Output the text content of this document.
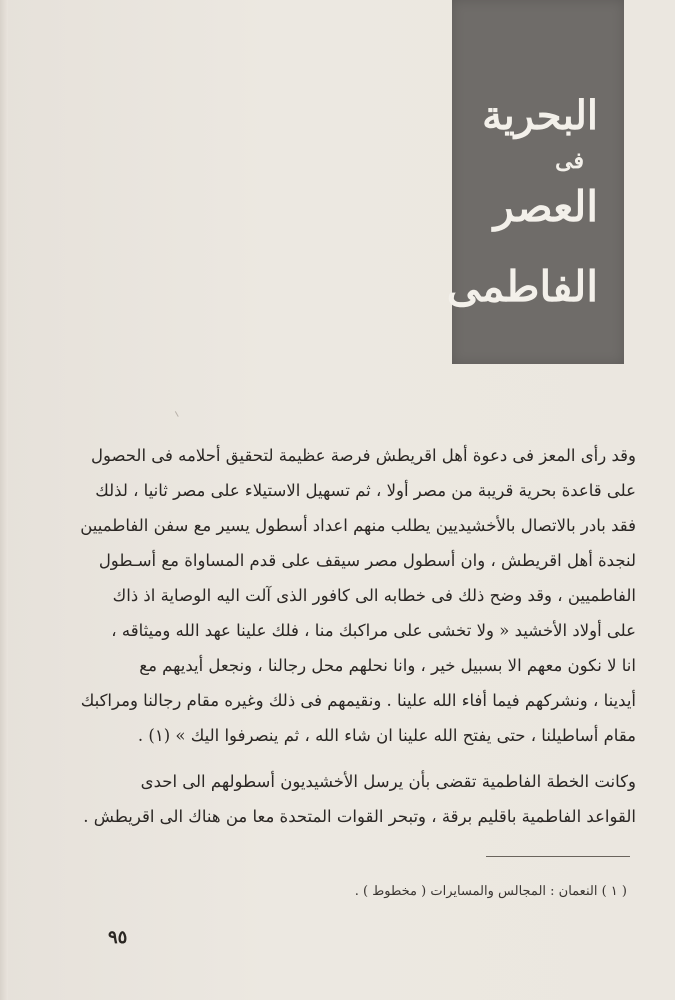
البحرية
فى
العصر
الفاطمى
وقد رأى المعز فى دعوة أهل اقريطش فرصة عظيمة لتحقيق أحلامه فى الحصول
على قاعدة بحرية قريبة من مصر أولا ، ثم تسهيل الاستيلاء على مصر ثانيا ، لذلك
فقد بادر بالاتصال بالأخشيديين يطلب منهم اعداد أسطول يسير مع سفن الفاطميين
لنجدة أهل اقريطش ، وان أسطول مصر سيقف على قدم المساواة مع أسـطول
الفاطميين ، وقد وضح ذلك فى خطابه الى كافور الذى آلت اليه الوصاية اذ ذاك
على أولاد الأخشيد « ولا تخشى على مراكبك منا ، فلك علينا عهد الله وميثاقه ،
انا لا نكون معهم الا بسبيل خير ، وانا نحلهم محل رجالنا ، ونجعل أيديهم مع
أيدينا ، ونشركهم فيما أفاء الله علينا . ونقيمهم فى ذلك وغيره مقام رجالنا ومراكبك
مقام أساطيلنا ، حتى يفتح الله علينا ان شاء الله ، ثم ينصرفوا اليك » (١) .
وكانت الخطة الفاطمية تقضى بأن يرسل الأخشيديون أسطولهم الى احدى
القواعد الفاطمية باقليم برقة ، وتبحر القوات المتحدة معا من هناك الى اقريطش .
( ١ ) النعمان : المجالس والمسايرات ( مخطوط ) .
٩٥
